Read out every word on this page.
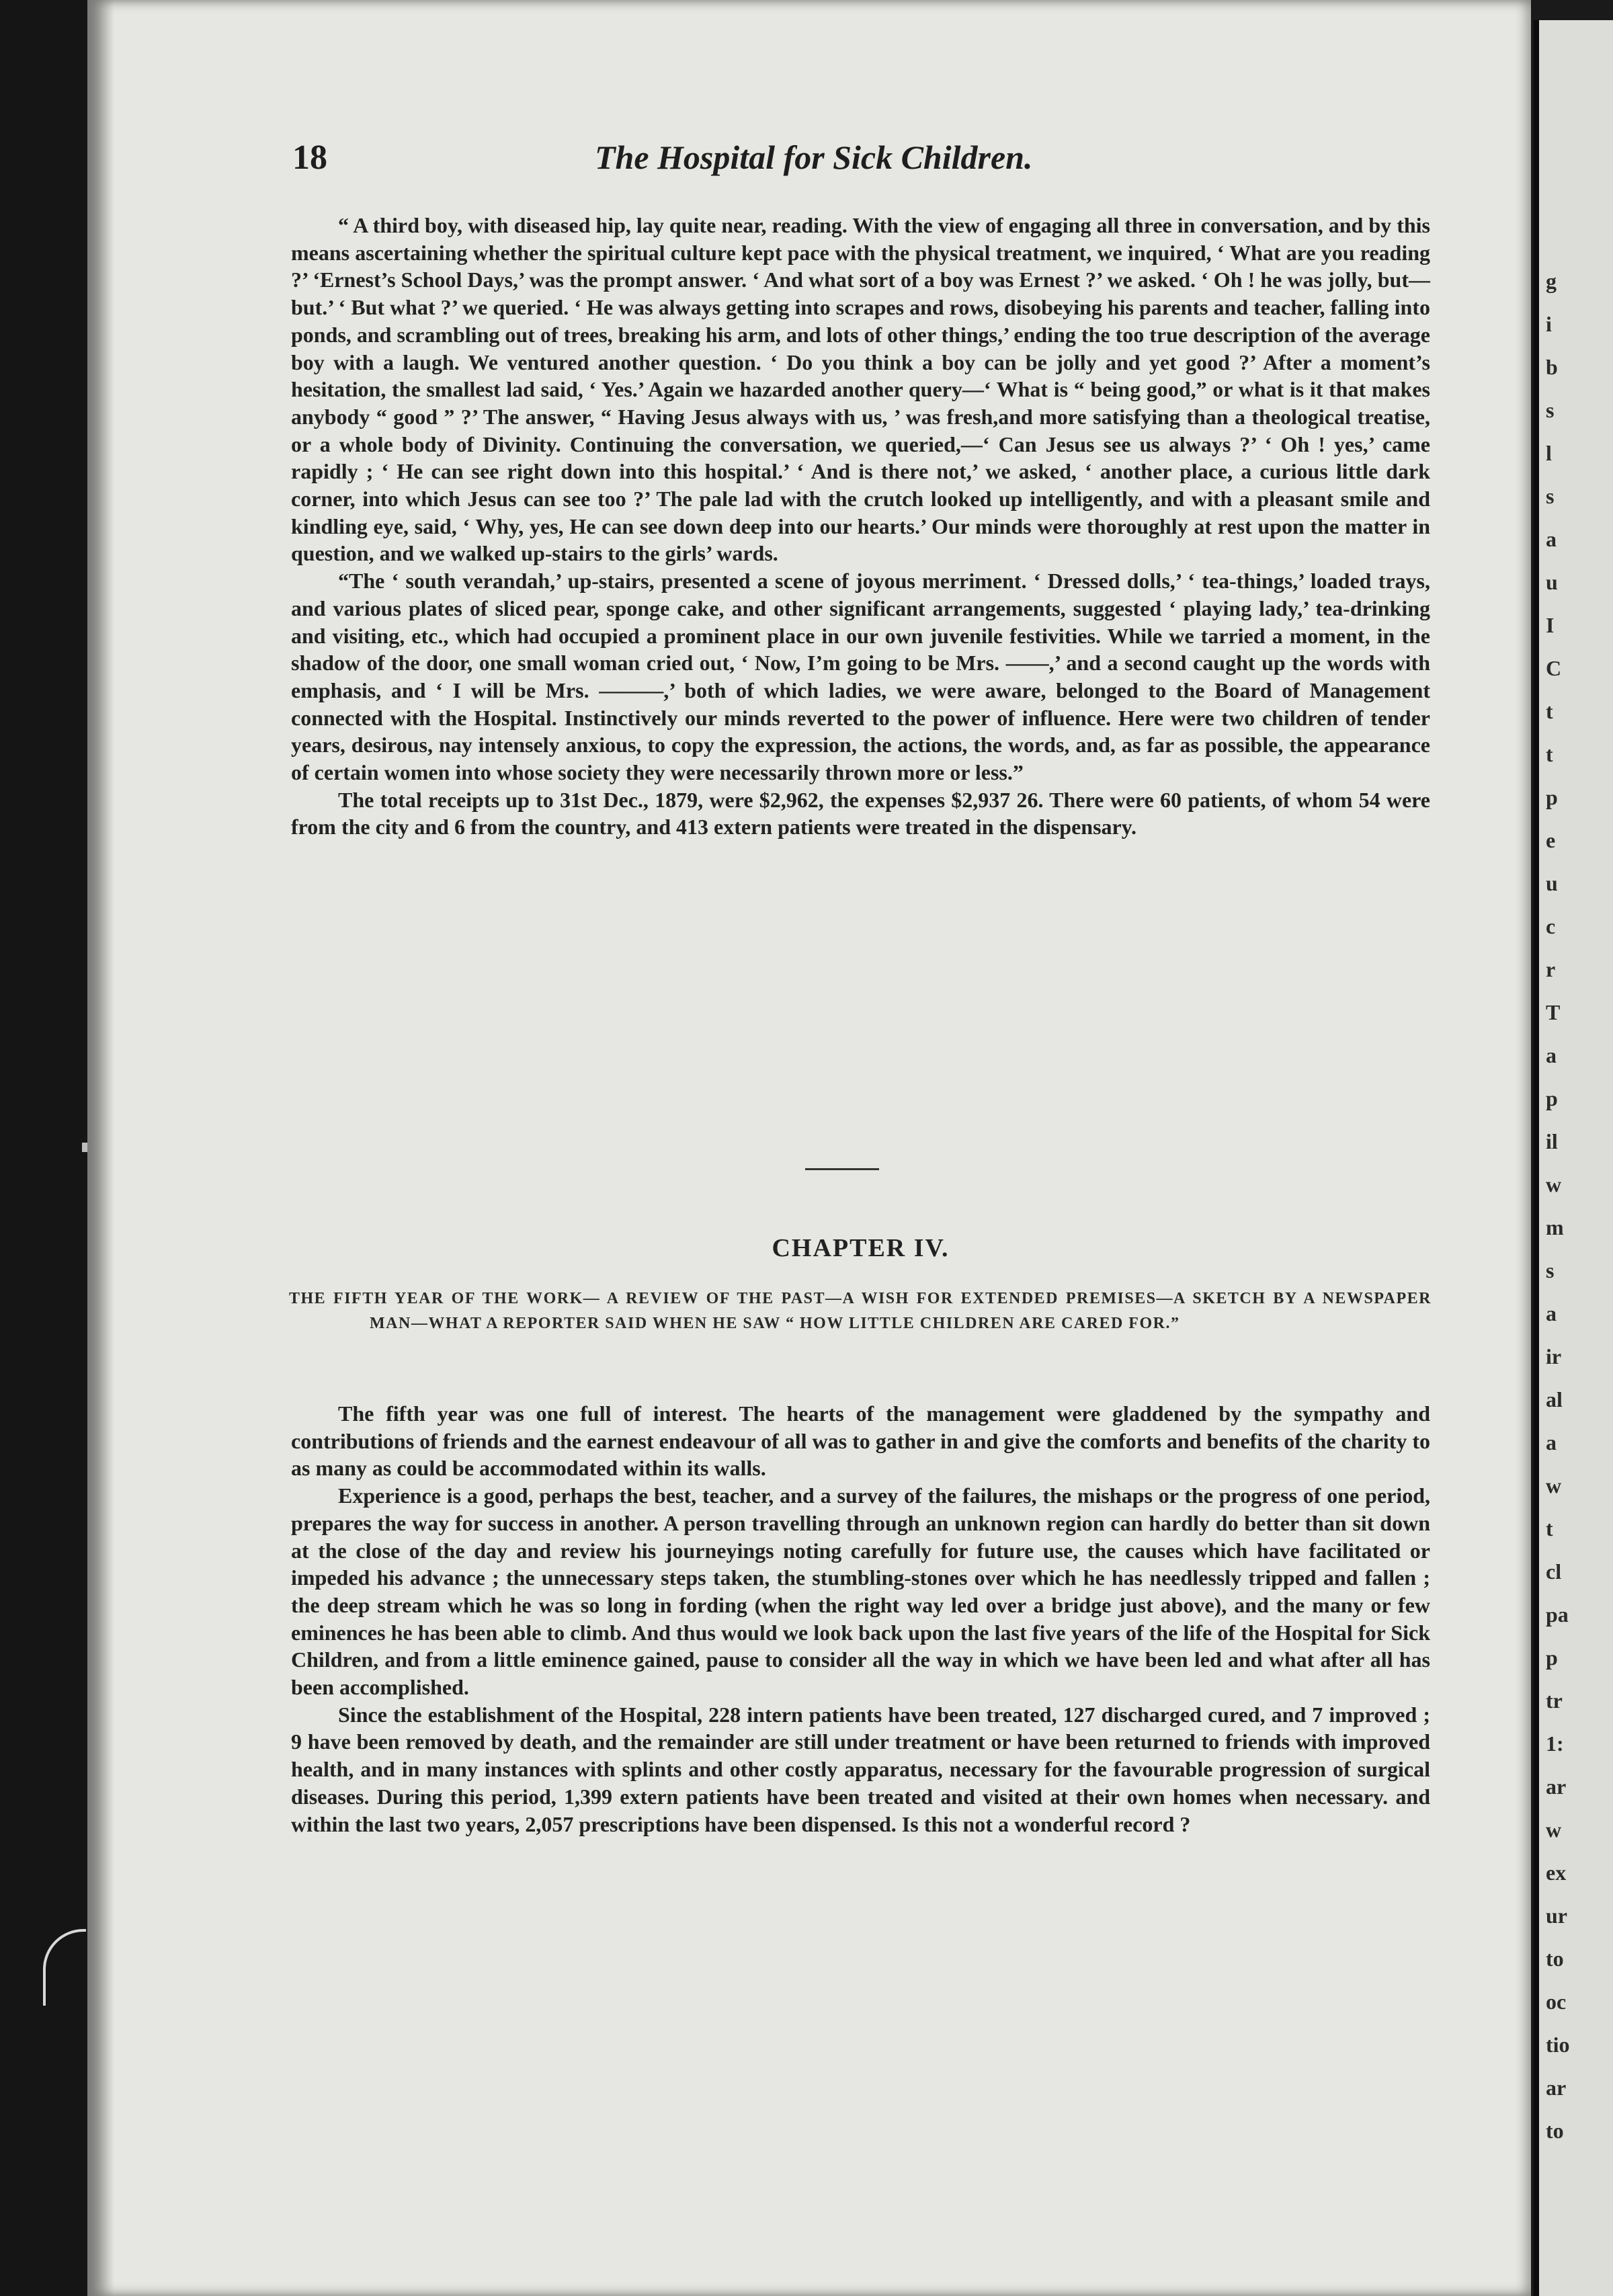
g
i
b
s
l
s
a
u
I
C
t
t
p
e
u
c
r
T
a
p
il
w
m
s
a
ir
al
a
w
t
cl
pa
p
tr
1:
ar
w
ex
ur
to
oc
tio
ar
to
18	The Hospital for Sick Children.

“ A third boy, with diseased hip, lay quite near, reading. With the view of engaging all three in conversation, and by this means ascertaining whether the spiritual culture kept pace with the physical treatment, we inquired, ‘ What are you reading ?’ ‘Ernest’s School Days,’ was the prompt answer. ‘ And what sort of a boy was Ernest ?’ we asked. ‘ Oh ! he was jolly, but—but.’ ‘ But what ?’ we queried. ‘ He was always getting into scrapes and rows, disobeying his parents and teacher, falling into ponds, and scrambling out of trees, breaking his arm, and lots of other things,’ ending the too true description of the average boy with a laugh. We ventured another question. ‘ Do you think a boy can be jolly and yet good ?’ After a moment’s hesitation, the smallest lad said, ‘ Yes.’ Again we hazarded another query—‘ What is “ being good,” or what is it that makes anybody “ good ” ?’ The answer, “ Having Jesus always with us, ’ was fresh,and more satisfying than a theological treatise, or a whole body of Divinity. Continuing the conversation, we queried,—‘ Can Jesus see us always ?’ ‘ Oh ! yes,’ came rapidly ; ‘ He can see right down into this hospital.’ ‘ And is there not,’ we asked, ‘ another place, a curious little dark corner, into which Jesus can see too ?’ The pale lad with the crutch looked up intelligently, and with a pleasant smile and kindling eye, said, ‘ Why, yes, He can see down deep into our hearts.’ Our minds were thoroughly at rest upon the matter in question, and we walked up-stairs to the girls’ wards.

“The ‘ south verandah,’ up-stairs, presented a scene of joyous merriment. ‘ Dressed dolls,’ ‘ tea-things,’ loaded trays, and various plates of sliced pear, sponge cake, and other significant arrangements, suggested ‘ playing lady,’ tea-drinking and visiting, etc., which had occupied a prominent place in our own juvenile festivities. While we tarried a moment, in the shadow of the door, one small woman cried out, ‘ Now, I’m going to be Mrs. ——,’ and a second caught up the words with emphasis, and ‘ I will be Mrs. ———,’ both of which ladies, we were aware, belonged to the Board of Management connected with the Hospital. Instinctively our minds reverted to the power of influence. Here were two children of tender years, desirous, nay intensely anxious, to copy the expression, the actions, the words, and, as far as possible, the appearance of certain women into whose society they were necessarily thrown more or less.”

The total receipts up to 31st Dec., 1879, were $2,962, the expenses $2,937 26. There were 60 patients, of whom 54 were from the city and 6 from the country, and 413 extern patients were treated in the dispensary.

CHAPTER IV.
THE FIFTH YEAR OF THE WORK— A REVIEW OF THE PAST—A WISH FOR EXTENDED PREMISES—A SKETCH BY A NEWSPAPER MAN—WHAT A REPORTER SAID WHEN HE SAW “ HOW LITTLE CHILDREN ARE CARED FOR.”

The fifth year was one full of interest. The hearts of the management were gladdened by the sympathy and contributions of friends and the earnest endeavour of all was to gather in and give the comforts and benefits of the charity to as many as could be accommodated within its walls.

Experience is a good, perhaps the best, teacher, and a survey of the failures, the mishaps or the progress of one period, prepares the way for success in another. A person travelling through an unknown region can hardly do better than sit down at the close of the day and review his journeyings noting carefully for future use, the causes which have facilitated or impeded his advance ; the unnecessary steps taken, the stumbling-stones over which he has needlessly tripped and fallen ; the deep stream which he was so long in fording (when the right way led over a bridge just above), and the many or few eminences he has been able to climb. And thus would we look back upon the last five years of the life of the Hospital for Sick Children, and from a little eminence gained, pause to consider all the way in which we have been led and what after all has been accomplished.

Since the establishment of the Hospital, 228 intern patients have been treated, 127 discharged cured, and 7 improved ; 9 have been removed by death, and the remainder are still under treatment or have been returned to friends with improved health, and in many instances with splints and other costly apparatus, necessary for the favourable progression of surgical diseases. During this period, 1,399 extern patients have been treated and visited at their own homes when necessary. and within the last two years, 2,057 prescriptions have been dispensed. Is this not a wonderful record ?
